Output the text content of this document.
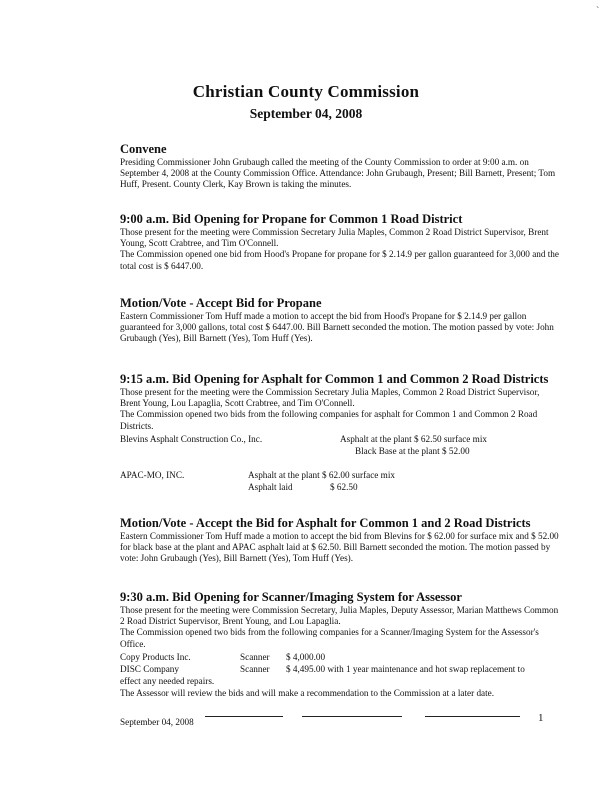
`
Christian County Commission
September 04, 2008
Convene

Presiding Commissioner John Grubaugh called the meeting of the County Commission to order at 9:00 a.m. on September 4, 2008 at the County Commission Office. Attendance: John Grubaugh, Present; Bill Barnett, Present; Tom Huff, Present. County Clerk, Kay Brown is taking the minutes.

9:00 a.m. Bid Opening for Propane for Common 1 Road District

Those present for the meeting were Commission Secretary Julia Maples, Common 2 Road District Supervisor, Brent Young, Scott Crabtree, and Tim O'Connell.

The Commission opened one bid from Hood's Propane for propane for $ 2.14.9 per gallon guaranteed for 3,000 and the total cost is $ 6447.00.

Motion/Vote - Accept Bid for Propane

Eastern Commissioner Tom Huff made a motion to accept the bid from Hood's Propane for $ 2.14.9 per gallon guaranteed for 3,000 gallons, total cost $ 6447.00. Bill Barnett seconded the motion. The motion passed by vote: John Grubaugh (Yes), Bill Barnett (Yes), Tom Huff (Yes).

9:15 a.m. Bid Opening for Asphalt for Common 1 and Common 2 Road Districts

Those present for the meeting were the Commission Secretary Julia Maples, Common 2 Road District Supervisor, Brent Young, Lou Lapaglia, Scott Crabtree, and Tim O'Connell.

The Commission opened two bids from the following companies for asphalt for Common 1 and Common 2 Road Districts.

Blevins Asphalt Construction Co., Inc.	Asphalt at the plant $ 62.50 surface mix
Black Base at the plant $ 52.00
APAC-MO, INC.	Asphalt at the plant $ 62.00 surface mix
Asphalt laid	$ 62.50
Motion/Vote - Accept the Bid for Asphalt for Common 1 and 2 Road Districts

Eastern Commissioner Tom Huff made a motion to accept the bid from Blevins for $ 62.00 for surface mix and $ 52.00 for black base at the plant and APAC asphalt laid at $ 62.50. Bill Barnett seconded the motion. The motion passed by vote: John Grubaugh (Yes), Bill Barnett (Yes), Tom Huff (Yes).

9:30 a.m. Bid Opening for Scanner/Imaging System for Assessor

Those present for the meeting were Commission Secretary, Julia Maples, Deputy Assessor, Marian Matthews Common 2 Road District Supervisor, Brent Young, and Lou Lapaglia.

The Commission opened two bids from the following companies for a Scanner/Imaging System for the Assessor's Office.

Copy Products Inc.	Scanner $ 4,000.00
DISC Company	Scanner $ 4,495.00 with 1 year maintenance and hot swap replacement to
effect any needed repairs.
The Assessor will review the bids and will make a recommendation to the Commission at a later date.
September 04, 2008	1
